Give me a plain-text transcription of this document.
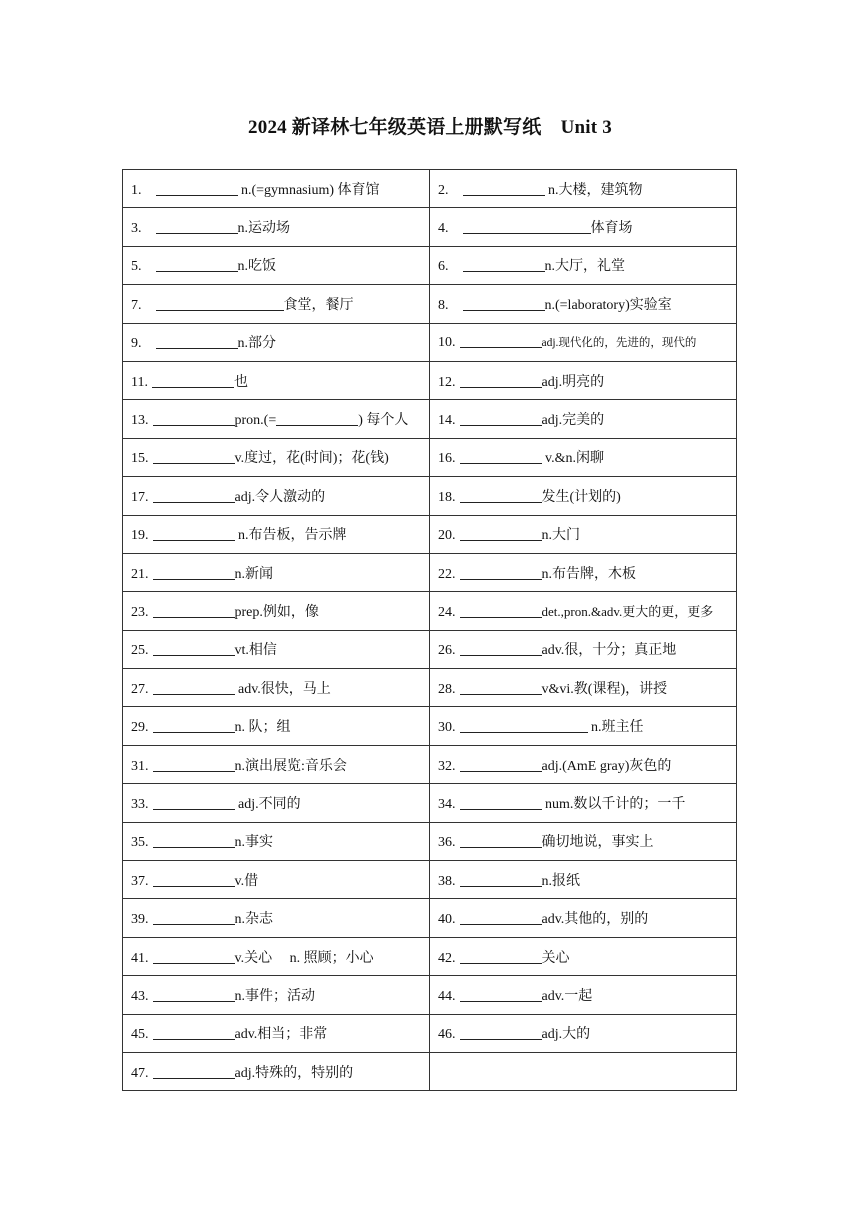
2024 新译林七年级英语上册默写纸　Unit 3
1. n.(=gymnasium) 体育馆	2. n.大楼，建筑物
3. n.运动场	4. 体育场
5. n.吃饭	6. n.大厅，礼堂
7. 食堂，餐厅	8. n.(=laboratory)实验室
9. n.部分	10. adj.现代化的，先进的，现代的
11. 也	12. adj.明亮的
13. pron.(= ) 每个人	14. adj.完美的
15. v.度过，花(时间)；花(钱)	16. v.&n.闲聊
17. adj.令人激动的	18. 发生(计划的)
19. n.布告板，告示牌	20. n.大门
21. n.新闻	22. n.布告牌，木板
23. prep.例如，像	24. det.,pron.&adv.更大的更，更多
25. vt.相信	26. adv.很，十分；真正地
27. adv.很快，马上	28. v&vi.教(课程)，讲授
29. n. 队；组	30. n.班主任
31. n.演出展览:音乐会	32. adj.(AmE gray)灰色的
33. adj.不同的	34. num.数以千计的；一千
35. n.事实	36. 确切地说，事实上
37. v.借	38. n.报纸
39. n.杂志	40. adv.其他的，别的
41. v.关心　 n. 照顾；小心	42. 关心
43. n.事件；活动	44. adv.一起
45. adv.相当；非常	46. adj.大的
47. adj.特殊的，特别的	
